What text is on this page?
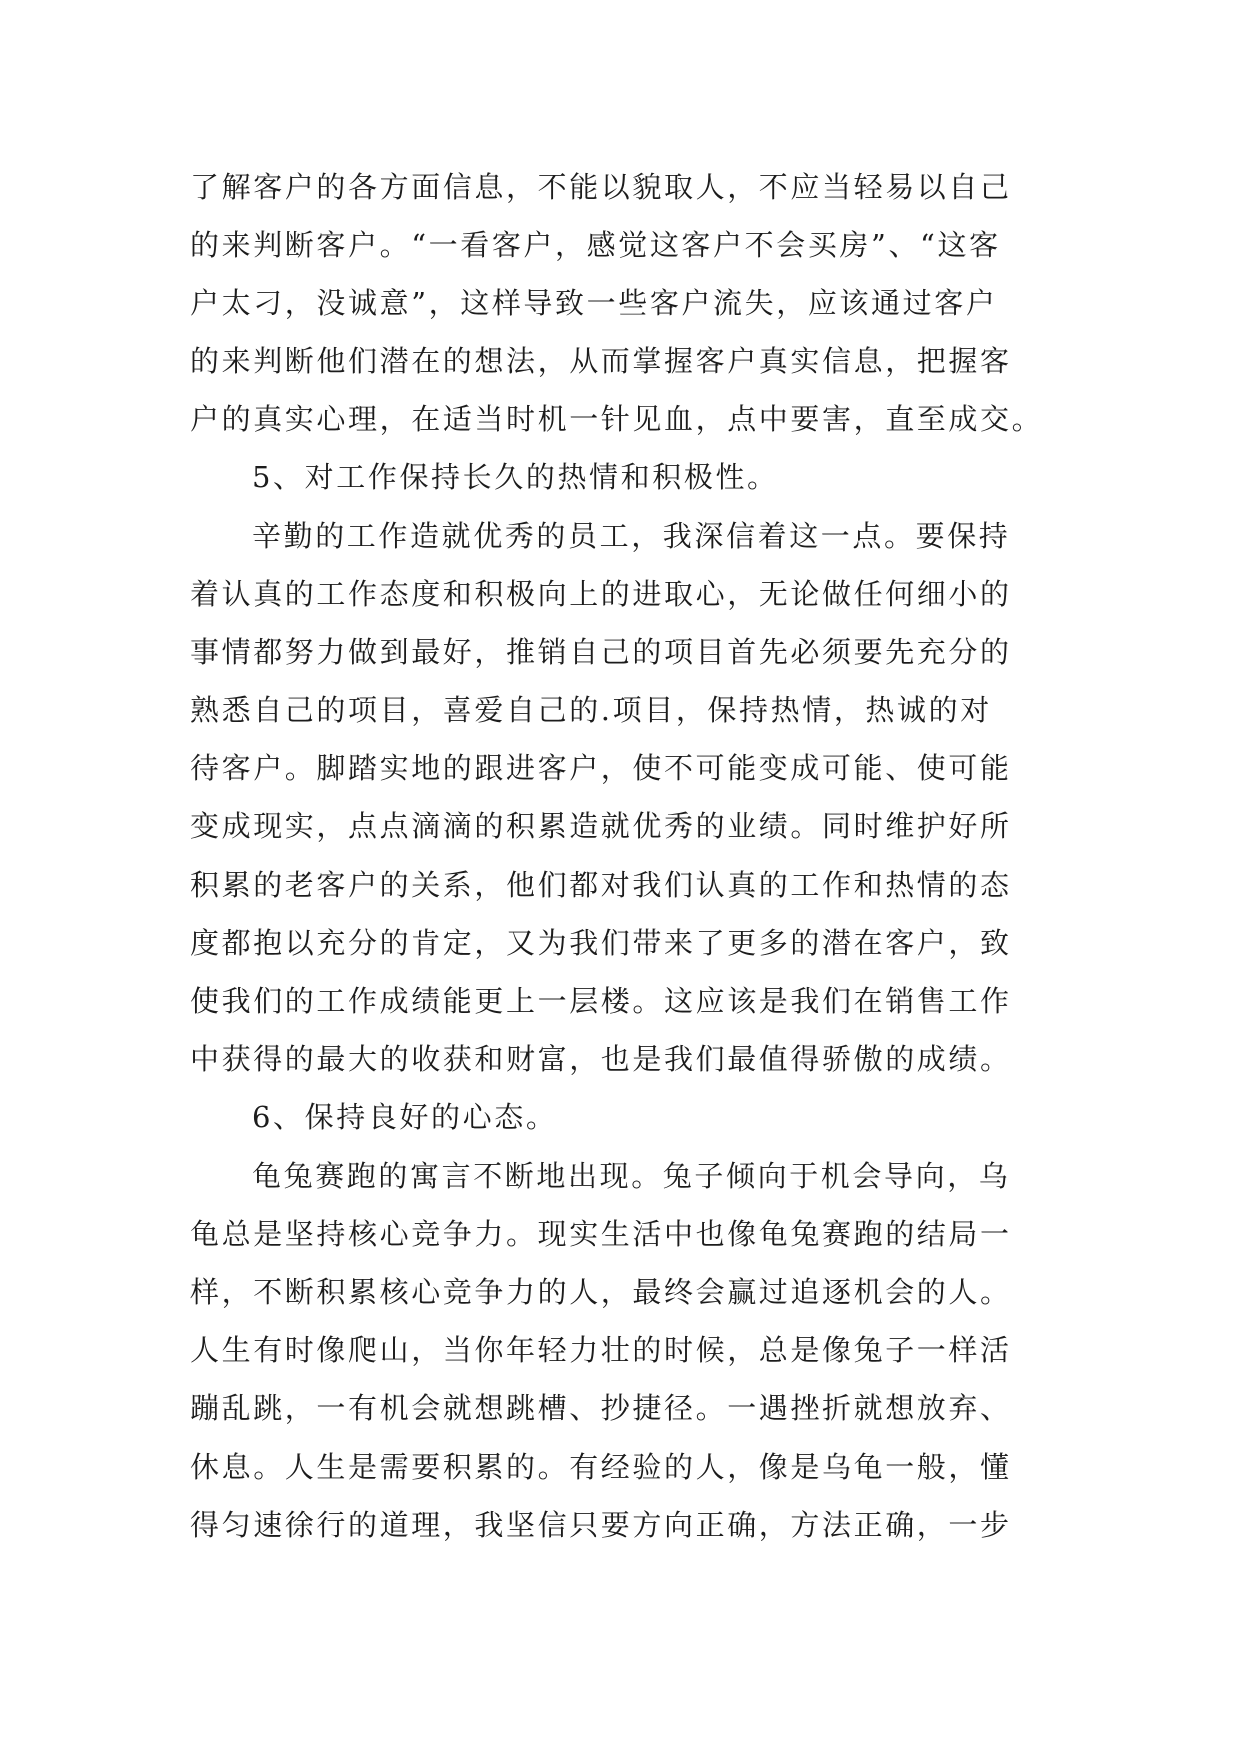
了解客户的各方面信息，不能以貌取人，不应当轻易以自己
的来判断客户。“一看客户，感觉这客户不会买房”、“这客
户太刁，没诚意”，这样导致一些客户流失，应该通过客户
的来判断他们潜在的想法，从而掌握客户真实信息，把握客
户的真实心理，在适当时机一针见血，点中要害，直至成交。
5、对工作保持长久的热情和积极性。
辛勤的工作造就优秀的员工，我深信着这一点。要保持
着认真的工作态度和积极向上的进取心，无论做任何细小的
事情都努力做到最好，推销自己的项目首先必须要先充分的
熟悉自己的项目，喜爱自己的.项目，保持热情，热诚的对
待客户。脚踏实地的跟进客户，使不可能变成可能、使可能
变成现实，点点滴滴的积累造就优秀的业绩。同时维护好所
积累的老客户的关系，他们都对我们认真的工作和热情的态
度都抱以充分的肯定，又为我们带来了更多的潜在客户，致
使我们的工作成绩能更上一层楼。这应该是我们在销售工作
中获得的最大的收获和财富，也是我们最值得骄傲的成绩。
6、保持良好的心态。
龟兔赛跑的寓言不断地出现。兔子倾向于机会导向，乌
龟总是坚持核心竞争力。现实生活中也像龟兔赛跑的结局一
样，不断积累核心竞争力的人，最终会赢过追逐机会的人。
人生有时像爬山，当你年轻力壮的时候，总是像兔子一样活
蹦乱跳，一有机会就想跳槽、抄捷径。一遇挫折就想放弃、
休息。人生是需要积累的。有经验的人，像是乌龟一般，懂
得匀速徐行的道理，我坚信只要方向正确，方法正确，一步
